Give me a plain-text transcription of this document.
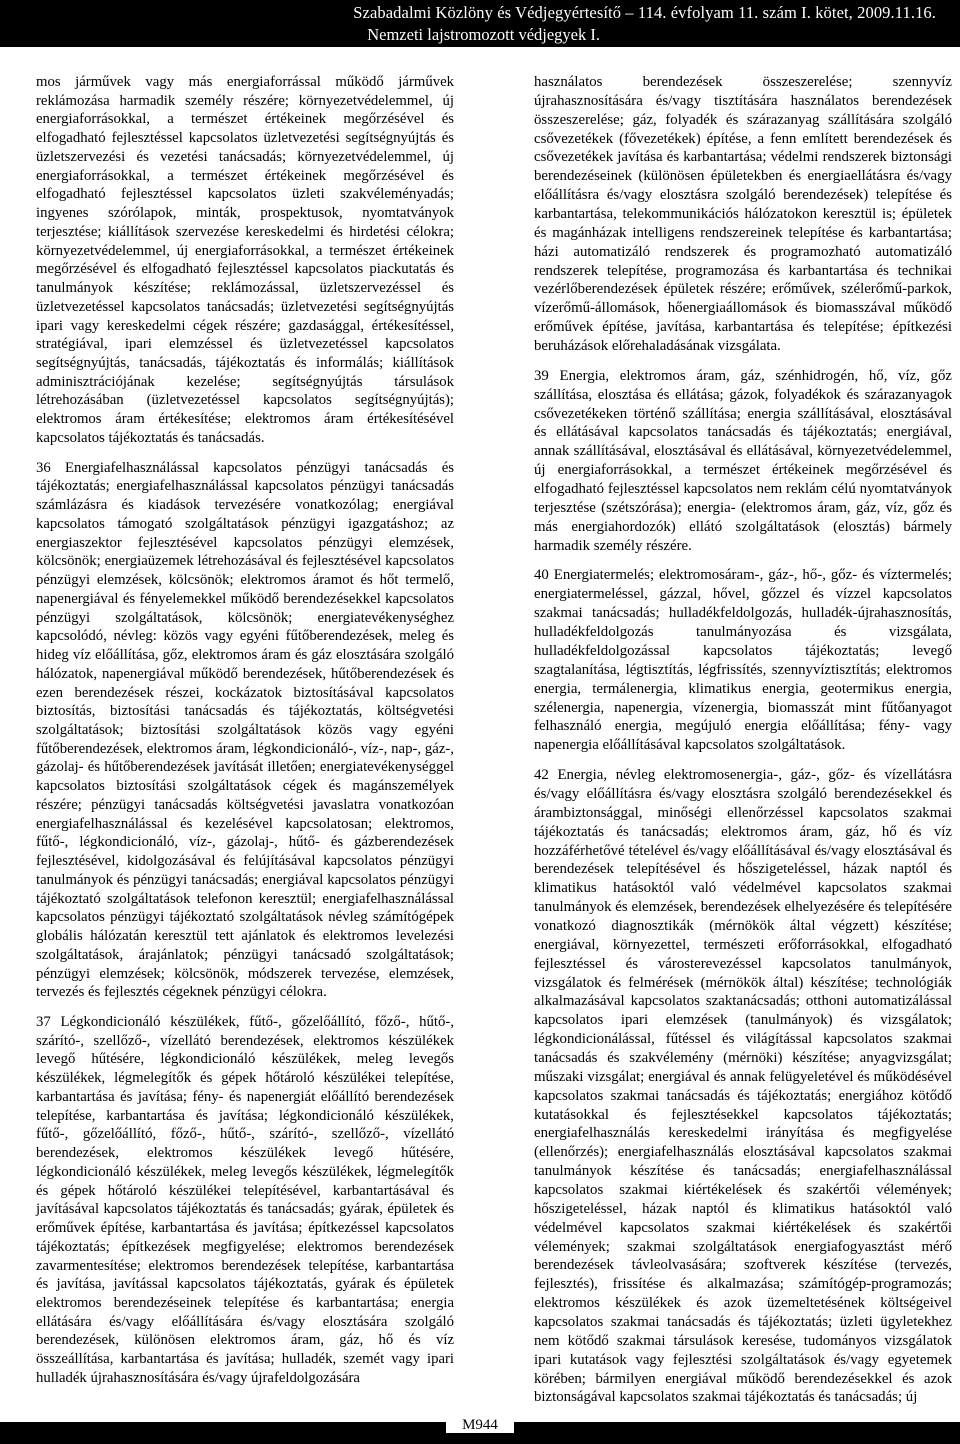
Szabadalmi Közlöny és Védjegyértesítő – 114. évfolyam 11. szám I. kötet, 2009.11.16.
Nemzeti lajstromozott védjegyek I.

mos járművek vagy más energiaforrással működő járművek reklámozása harmadik személy részére; környezetvédelemmel, új energiaforrásokkal, a természet értékeinek megőrzésével és elfogadható fejlesztéssel kapcsolatos üzletvezetési segítségnyújtás és üzletszervezési és vezetési tanácsadás; környezetvédelemmel, új energiaforrásokkal, a természet értékeinek megőrzésével és elfogadható fejlesztéssel kapcsolatos üzleti szakvéleményadás; ingyenes szórólapok, minták, prospektusok, nyomtatványok terjesztése; kiállítások szervezése kereskedelmi és hirdetési célokra; környezetvédelemmel, új energiaforrásokkal, a természet értékeinek megőrzésével és elfogadható fejlesztéssel kapcsolatos piackutatás és tanulmányok készítése; reklámozással, üzletszervezéssel és üzletvezetéssel kapcsolatos tanácsadás; üzletvezetési segítségnyújtás ipari vagy kereskedelmi cégek részére; gazdasággal, értékesítéssel, stratégiával, ipari elemzéssel és üzletvezetéssel kapcsolatos segítségnyújtás, tanácsadás, tájékoztatás és informálás; kiállítások adminisztrációjának kezelése; segítségnyújtás társulások létrehozásában (üzletvezetéssel kapcsolatos segítségnyújtás); elektromos áram értékesítése; elektromos áram értékesítésével kapcsolatos tájékoztatás és tanácsadás.

36 Energiafelhasználással kapcsolatos pénzügyi tanácsadás és tájékoztatás; energiafelhasználással kapcsolatos pénzügyi tanácsadás számlázásra és kiadások tervezésére vonatkozólag; energiával kapcsolatos támogató szolgáltatások pénzügyi igazgatáshoz; az energiaszektor fejlesztésével kapcsolatos pénzügyi elemzések, kölcsönök; energiaüzemek létrehozásával és fejlesztésével kapcsolatos pénzügyi elemzések, kölcsönök; elektromos áramot és hőt termelő, napenergiával és fényelemekkel működő berendezésekkel kapcsolatos pénzügyi szolgáltatások, kölcsönök; energiatevékenységhez kapcsolódó, névleg: közös vagy egyéni fűtőberendezések, meleg és hideg víz előállítása, gőz, elektromos áram és gáz elosztására szolgáló hálózatok, napenergiával működő berendezések, hűtőberendezések és ezen berendezések részei, kockázatok biztosításával kapcsolatos biztosítás, biztosítási tanácsadás és tájékoztatás, költségvetési szolgáltatások; biztosítási szolgáltatások közös vagy egyéni fűtőberendezések, elektromos áram, légkondicionáló-, víz-, nap-, gáz-, gázolaj- és hűtőberendezések javítását illetően; energiatevékenységgel kapcsolatos biztosítási szolgáltatások cégek és magánszemélyek részére; pénzügyi tanácsadás költségvetési javaslatra vonatkozóan energiafelhasználással és kezelésével kapcsolatosan; elektromos, fűtő-, légkondicionáló, víz-, gázolaj-, hűtő- és gázberendezések fejlesztésével, kidolgozásával és felújításával kapcsolatos pénzügyi tanulmányok és pénzügyi tanácsadás; energiával kapcsolatos pénzügyi tájékoztató szolgáltatások telefonon keresztül; energiafelhasználással kapcsolatos pénzügyi tájékoztató szolgáltatások névleg számítógépek globális hálózatán keresztül tett ajánlatok és elektromos levelezési szolgáltatások, árajánlatok; pénzügyi tanácsadó szolgáltatások; pénzügyi elemzések; kölcsönök, módszerek tervezése, elemzések, tervezés és fejlesztés cégeknek pénzügyi célokra.

37 Légkondicionáló készülékek, fűtő-, gőzelőállító, főző-, hűtő-, szárító-, szellőző-, vízellátó berendezések, elektromos készülékek levegő hűtésére, légkondicionáló készülékek, meleg levegős készülékek, légmelegítők és gépek hőtároló készülékei telepítése, karbantartása és javítása; fény- és napenergiát előállító berendezések telepítése, karbantartása és javítása; légkondicionáló készülékek, fűtő-, gőzelőállító, főző-, hűtő-, szárító-, szellőző-, vízellátó berendezések, elektromos készülékek levegő hűtésére, légkondicionáló készülékek, meleg levegős készülékek, légmelegítők és gépek hőtároló készülékei telepítésével, karbantartásával és javításával kapcsolatos tájékoztatás és tanácsadás; gyárak, épületek és erőművek építése, karbantartása és javítása; építkezéssel kapcsolatos tájékoztatás; építkezések megfigyelése; elektromos berendezések zavarmentesítése; elektromos berendezések telepítése, karbantartása és javítása, javítással kapcsolatos tájékoztatás, gyárak és épületek elektromos berendezéseinek telepítése és karbantartása; energia ellátására és/vagy előállítására és/vagy elosztására szolgáló berendezések, különösen elektromos áram, gáz, hő és víz összeállítása, karbantartása és javítása; hulladék, szemét vagy ipari hulladék újrahasznosítására és/vagy újrafeldolgozására

használatos berendezések összeszerelése; szennyvíz újrahasznosítására és/vagy tisztítására használatos berendezések összeszerelése; gáz, folyadék és szárazanyag szállítására szolgáló csővezetékek (fővezetékek) építése, a fenn említett berendezések és csővezetékek javítása és karbantartása; védelmi rendszerek biztonsági berendezéseinek (különösen épületekben és energiaellátásra és/vagy előállításra és/vagy elosztásra szolgáló berendezések) telepítése és karbantartása, telekommunikációs hálózatokon keresztül is; épületek és magánházak intelligens rendszereinek telepítése és karbantartása; házi automatizáló rendszerek és programozható automatizáló rendszerek telepítése, programozása és karbantartása és technikai vezérlőberendezések épületek részére; erőművek, szélerőmű-parkok, vízerőmű-állomások, hőenergiaállomások és biomasszával működő erőművek építése, javítása, karbantartása és telepítése; építkezési beruházások előrehaladásának vizsgálata.

39 Energia, elektromos áram, gáz, szénhidrogén, hő, víz, gőz szállítása, elosztása és ellátása; gázok, folyadékok és szárazanyagok csővezetékeken történő szállítása; energia szállításával, elosztásával és ellátásával kapcsolatos tanácsadás és tájékoztatás; energiával, annak szállításával, elosztásával és ellátásával, környezetvédelemmel, új energiaforrásokkal, a természet értékeinek megőrzésével és elfogadható fejlesztéssel kapcsolatos nem reklám célú nyomtatványok terjesztése (szétszórása); energia- (elektromos áram, gáz, víz, gőz és más energiahordozók) ellátó szolgáltatások (elosztás) bármely harmadik személy részére.

40 Energiatermelés; elektromosáram-, gáz-, hő-, gőz- és víztermelés; energiatermeléssel, gázzal, hővel, gőzzel és vízzel kapcsolatos szakmai tanácsadás; hulladékfeldolgozás, hulladék-újrahasznosítás, hulladékfeldolgozás tanulmányozása és vizsgálata, hulladékfeldolgozással kapcsolatos tájékoztatás; levegő szagtalanítása, légtisztítás, légfrissítés, szennyvíztisztítás; elektromos energia, termálenergia, klimatikus energia, geotermikus energia, szélenergia, napenergia, vízenergia, biomasszát mint fűtőanyagot felhasználó energia, megújuló energia előállítása; fény- vagy napenergia előállításával kapcsolatos szolgáltatások.

42 Energia, névleg elektromosenergia-, gáz-, gőz- és vízellátásra és/vagy előállításra és/vagy elosztásra szolgáló berendezésekkel és árambiztonsággal, minőségi ellenőrzéssel kapcsolatos szakmai tájékoztatás és tanácsadás; elektromos áram, gáz, hő és víz hozzáférhetővé tételével és/vagy előállításával és/vagy elosztásával és berendezések telepítésével és hőszigeteléssel, házak naptól és klimatikus hatásoktól való védelmével kapcsolatos szakmai tanulmányok és elemzések, berendezések elhelyezésére és telepítésére vonatkozó diagnosztikák (mérnökök által végzett) készítése; energiával, környezettel, természeti erőforrásokkal, elfogadható fejlesztéssel és városterevezéssel kapcsolatos tanulmányok, vizsgálatok és felmérések (mérnökök által) készítése; technológiák alkalmazásával kapcsolatos szaktanácsadás; otthoni automatizálással kapcsolatos ipari elemzések (tanulmányok) és vizsgálatok; légkondicionálással, fűtéssel és világítással kapcsolatos szakmai tanácsadás és szakvélemény (mérnöki) készítése; anyagvizsgálat; műszaki vizsgálat; energiával és annak felügyeletével és működésével kapcsolatos szakmai tanácsadás és tájékoztatás; energiához kötődő kutatásokkal és fejlesztésekkel kapcsolatos tájékoztatás; energiafelhasználás kereskedelmi irányítása és megfigyelése (ellenőrzés); energiafelhasználás elosztásával kapcsolatos szakmai tanulmányok készítése és tanácsadás; energiafelhasználással kapcsolatos szakmai kiértékelések és szakértői vélemények; hőszigeteléssel, házak naptól és klimatikus hatásoktól való védelmével kapcsolatos szakmai kiértékelések és szakértői vélemények; szakmai szolgáltatások energiafogyasztást mérő berendezések távleolvasására; szoftverek készítése (tervezés, fejlesztés), frissítése és alkalmazása; számítógép-programozás; elektromos készülékek és azok üzemeltetésének költségeivel kapcsolatos szakmai tanácsadás és tájékoztatás; üzleti ügyletekhez nem kötődő szakmai társulások keresése, tudományos vizsgálatok ipari kutatások vagy fejlesztési szolgáltatások és/vagy egyetemek körében; bármilyen energiával működő berendezésekkel és azok biztonságával kapcsolatos szakmai tájékoztatás és tanácsadás; új

M944
